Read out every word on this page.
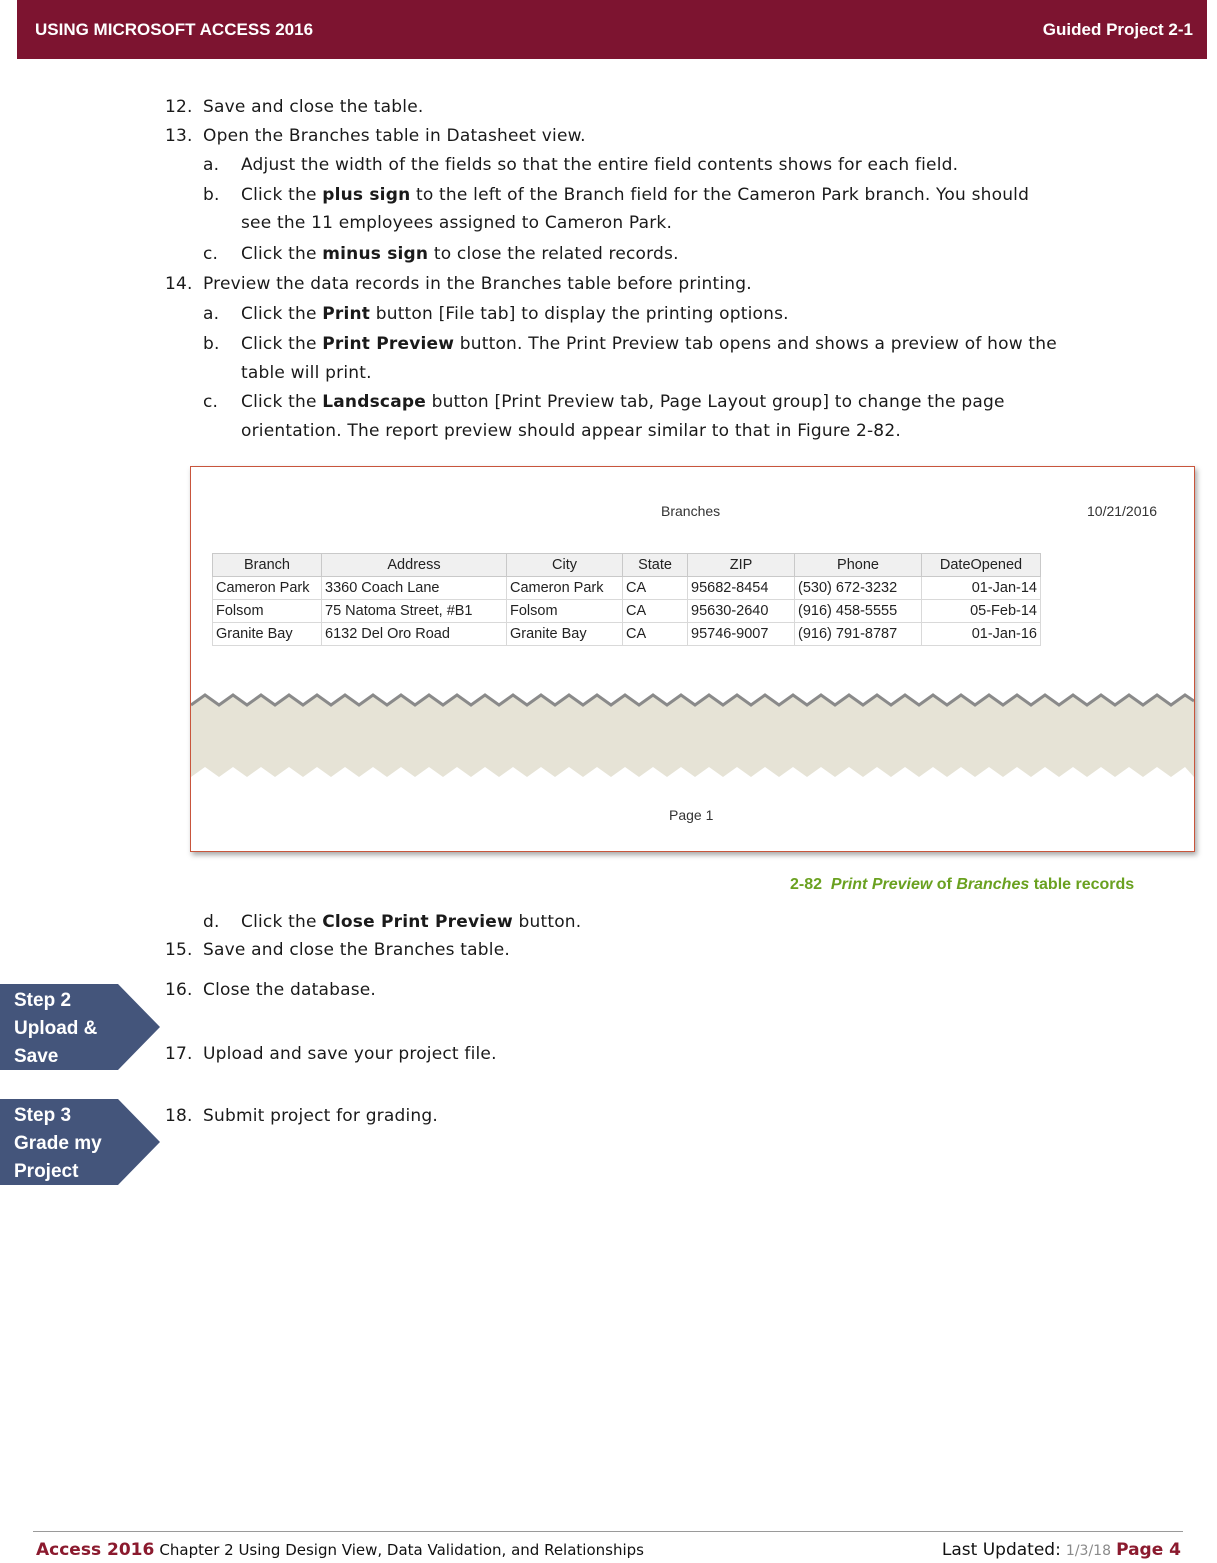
USING MICROSOFT ACCESS 2016	Guided Project 2-1
12. Save and close the table.
13. Open the Branches table in Datasheet view.
a. Adjust the width of the fields so that the entire field contents shows for each field.
b. Click the plus sign to the left of the Branch field for the Cameron Park branch. You should
see the 11 employees assigned to Cameron Park.
c. Click the minus sign to close the related records.
14. Preview the data records in the Branches table before printing.
a. Click the Print button [File tab] to display the printing options.
b. Click the Print Preview button. The Print Preview tab opens and shows a preview of how the
table will print.
c. Click the Landscape button [Print Preview tab, Page Layout group] to change the page
orientation. The report preview should appear similar to that in Figure 2-82.
Branches	10/21/2016
Branch	Address	City	State	ZIP	Phone	DateOpened
Cameron Park	3360 Coach Lane	Cameron Park	CA	95682-8454	(530) 672-3232	01-Jan-14
Folsom	75 Natoma Street, #B1	Folsom	CA	95630-2640	(916) 458-5555	05-Feb-14
Granite Bay	6132 Del Oro Road	Granite Bay	CA	95746-9007	(916) 791-8787	01-Jan-16
Page 1
2-82 Print Preview of Branches table records
d. Click the Close Print Preview button.
15. Save and close the Branches table.
16. Close the database.
17. Upload and save your project file.
18. Submit project for grading.
Step 2
Upload &
Save
Step 3
Grade my
Project
Access 2016 Chapter 2 Using Design View, Data Validation, and Relationships	Last Updated: 1/3/18 Page 4
